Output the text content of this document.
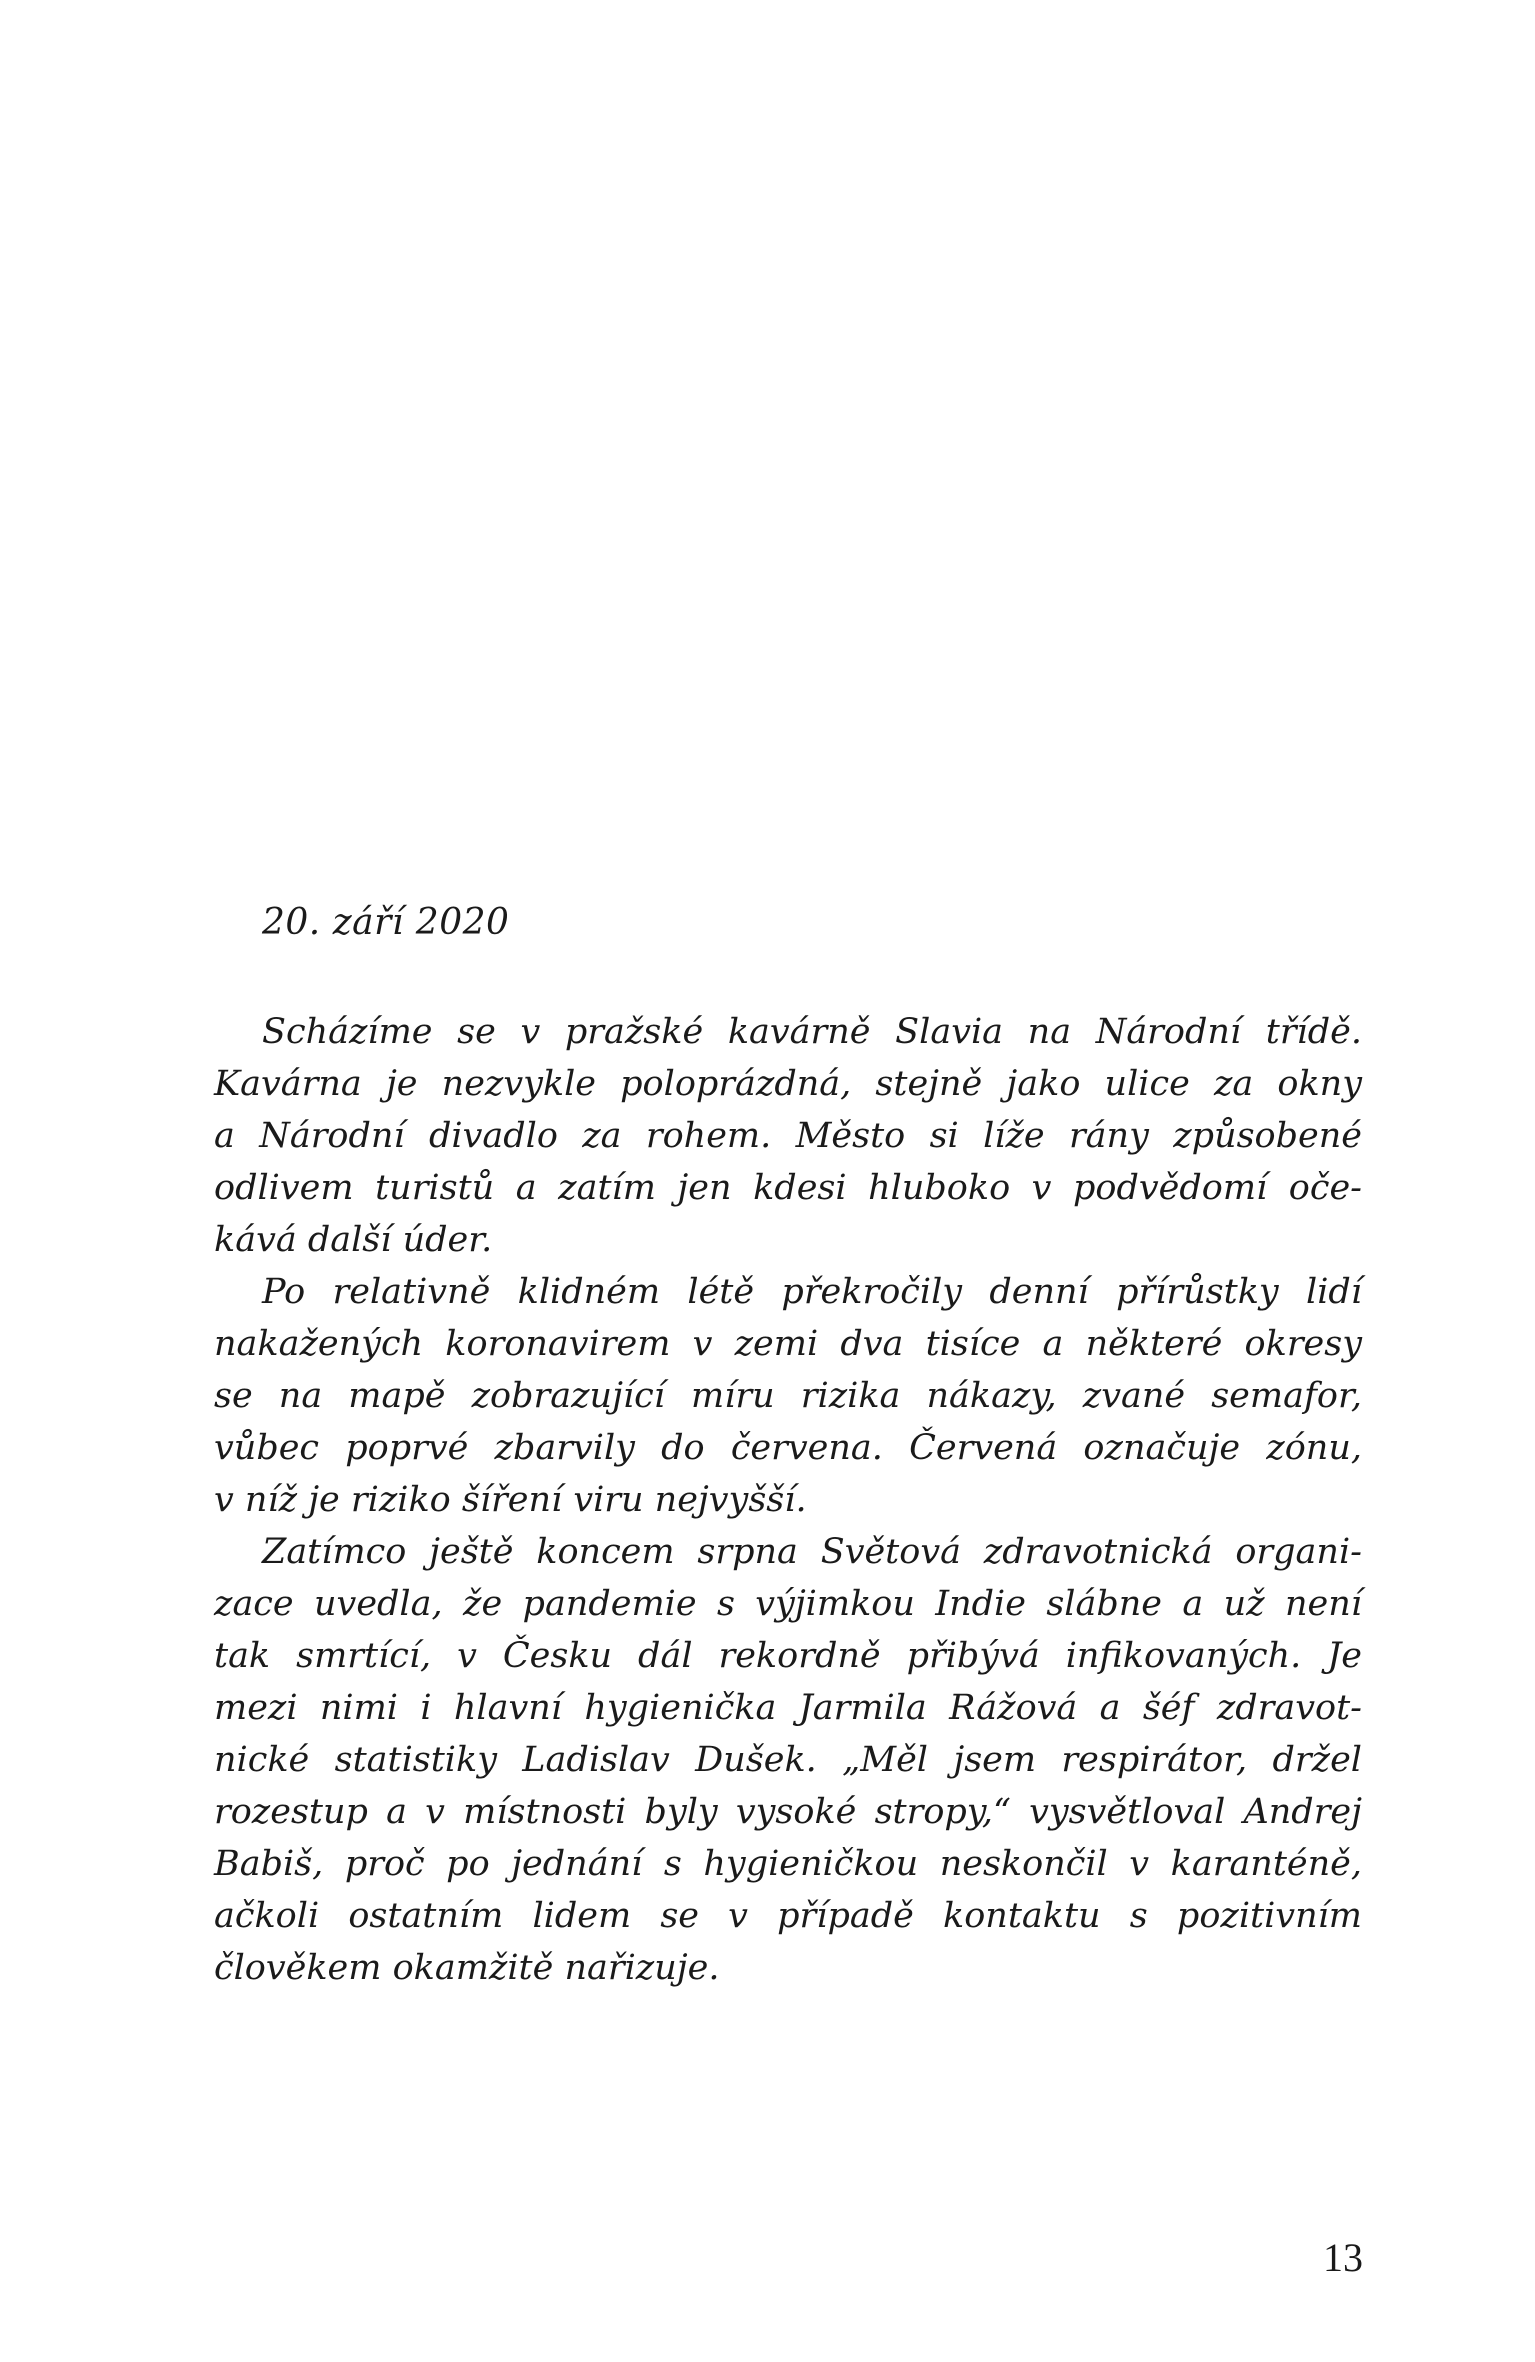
20. září 2020
Scházíme se v pražské kavárně Slavia na Národní třídě.
Kavárna je nezvykle poloprázdná, stejně jako ulice za okny
a Národní divadlo za rohem. Město si líže rány způsobené
odlivem turistů a zatím jen kdesi hluboko v podvědomí oče-
kává další úder.
Po relativně klidném létě překročily denní přírůstky lidí
nakažených koronavirem v zemi dva tisíce a některé okresy
se na mapě zobrazující míru rizika nákazy, zvané semafor,
vůbec poprvé zbarvily do červena. Červená označuje zónu,
v níž je riziko šíření viru nejvyšší.
Zatímco ještě koncem srpna Světová zdravotnická organi-
zace uvedla, že pandemie s výjimkou Indie slábne a už není
tak smrtící, v Česku dál rekordně přibývá infikovaných. Je
mezi nimi i hlavní hygienička Jarmila Rážová a šéf zdravot-
nické statistiky Ladislav Dušek. „Měl jsem respirátor, držel
rozestup a v místnosti byly vysoké stropy,“ vysvětloval Andrej
Babiš, proč po jednání s hygieničkou neskončil v karanténě,
ačkoli ostatním lidem se v případě kontaktu s pozitivním
člověkem okamžitě nařizuje.
13
